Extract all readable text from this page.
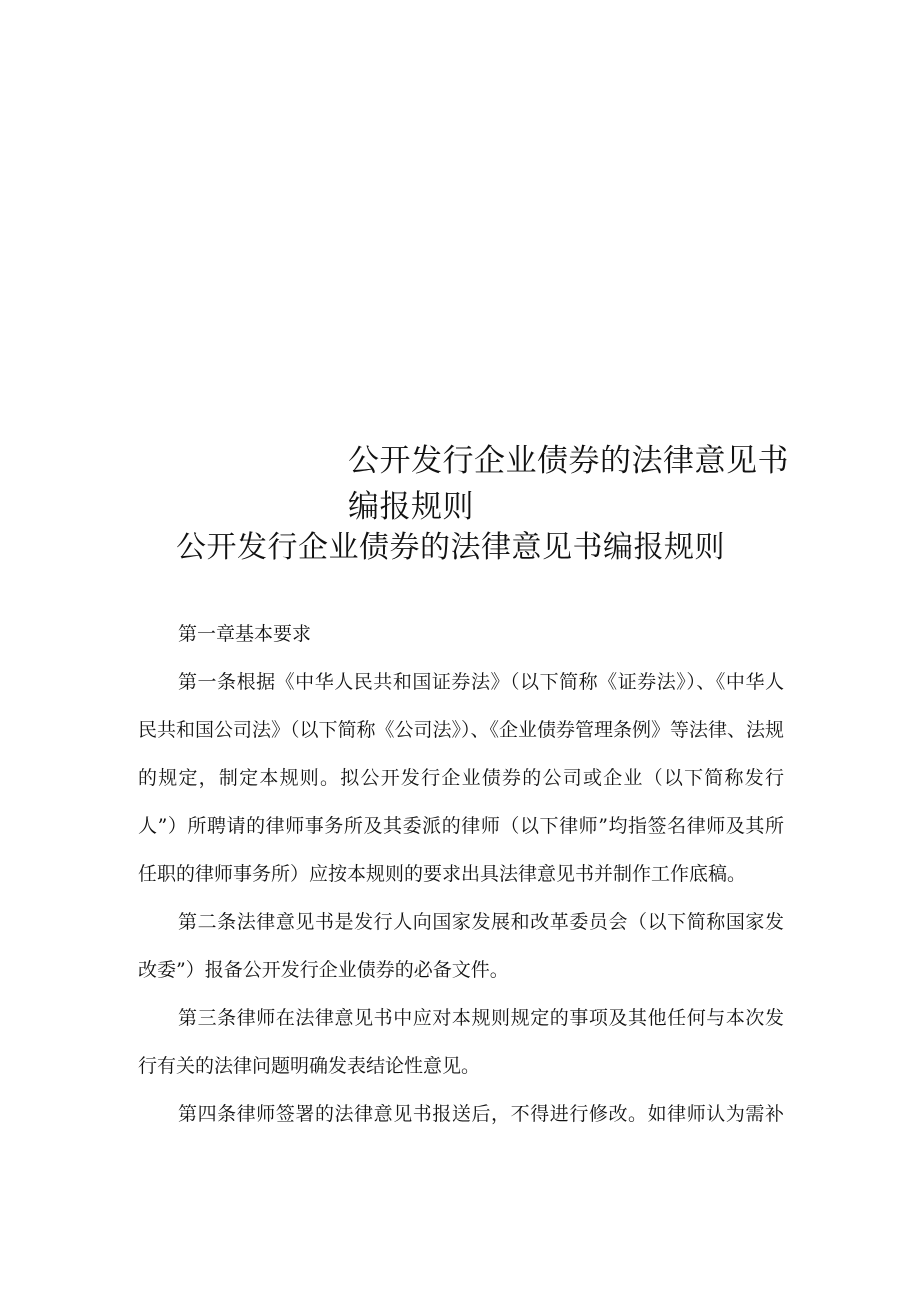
公开发行企业债券的法律意见书
编报规则
公开发行企业债券的法律意见书编报规则

第一章基本要求

第一条根据《中华人民共和国证券法》（以下简称《证券法》）、《中华人民共和国公司法》（以下简称《公司法》）、《企业债券管理条例》等法律、法规的规定，制定本规则。拟公开发行企业债券的公司或企业（以下简称发行人”）所聘请的律师事务所及其委派的律师（以下律师”均指签名律师及其所任职的律师事务所）应按本规则的要求出具法律意见书并制作工作底稿。

第二条法律意见书是发行人向国家发展和改革委员会（以下简称国家发改委”）报备公开发行企业债券的必备文件。

第三条律师在法律意见书中应对本规则规定的事项及其他任何与本次发行有关的法律问题明确发表结论性意见。

第四条律师签署的法律意见书报送后，不得进行修改。如律师认为需补
